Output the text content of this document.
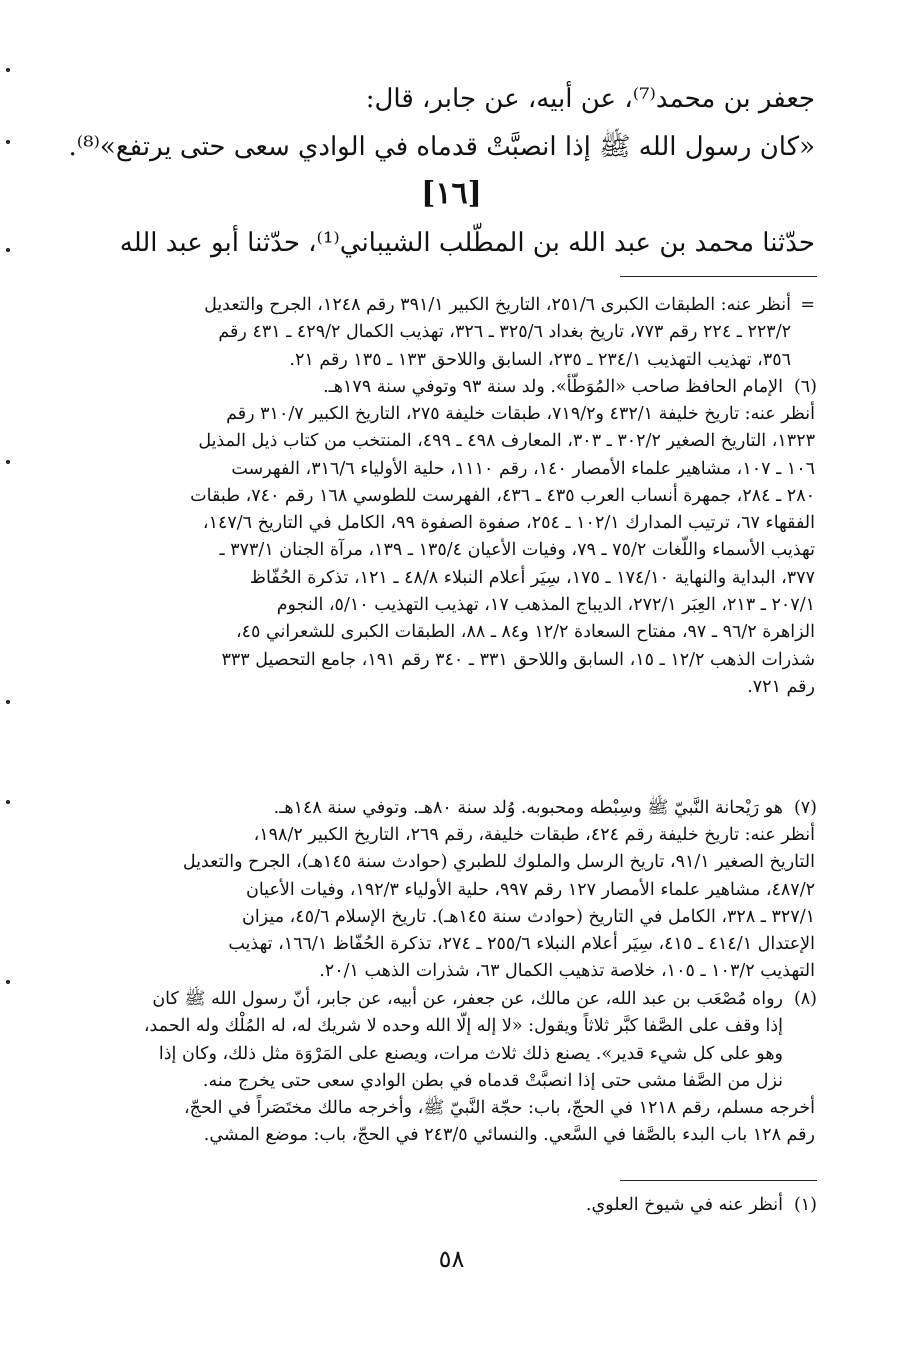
جعفر بن محمد⁽⁷⁾، عن أبيه، عن جابر، قال:
«كان رسول الله ﷺ إذا انصبَّتْ قدماه في الوادي سعى حتى يرتفع»⁽⁸⁾.
[١٦]
حدّثنا محمد بن عبد الله بن المطّلب الشيباني⁽¹⁾، حدّثنا أبو عبد الله
=
أنظر عنه: الطبقات الكبرى ٢٥١/٦، التاريخ الكبير ٣٩١/١ رقم ١٢٤٨، الجرح والتعديل
٢٢٣/٢ ـ ٢٢٤ رقم ٧٧٣، تاريخ بغداد ٣٢٥/٦ ـ ٣٢٦، تهذيب الكمال ٤٢٩/٢ ـ ٤٣١ رقم
٣٥٦، تهذيب التهذيب ٢٣٤/١ ـ ٢٣٥، السابق واللاحق ١٣٣ ـ ١٣٥ رقم ٢١.
(٦)
الإمام الحافظ صاحب «المُوَطّأ». ولد سنة ٩٣ وتوفي سنة ١٧٩هـ.
أنظر عنه: تاريخ خليفة ٤٣٢/١ و٧١٩/٢، طبقات خليفة ٢٧٥، التاريخ الكبير ٣١٠/٧ رقم
١٣٢٣، التاريخ الصغير ٣٠٢/٢ ـ ٣٠٣، المعارف ٤٩٨ ـ ٤٩٩، المنتخب من كتاب ذيل المذيل
١٠٦ ـ ١٠٧، مشاهير علماء الأمصار ١٤٠، رقم ١١١٠، حلية الأولياء ٣١٦/٦، الفهرست
٢٨٠ ـ ٢٨٤، جمهرة أنساب العرب ٤٣٥ ـ ٤٣٦، الفهرست للطوسي ١٦٨ رقم ٧٤٠، طبقات
الفقهاء ٦٧، ترتيب المدارك ١٠٢/١ ـ ٢٥٤، صفوة الصفوة ٩٩، الكامل في التاريخ ١٤٧/٦،
تهذيب الأسماء واللّغات ٧٥/٢ ـ ٧٩، وفيات الأعيان ١٣٥/٤ ـ ١٣٩، مرآة الجنان ٣٧٣/١ ـ
٣٧٧، البداية والنهاية ١٧٤/١٠ ـ ١٧٥، سِيَر أعلام النبلاء ٤٨/٨ ـ ١٢١، تذكرة الحُفّاظ
٢٠٧/١ ـ ٢١٣، العِبَر ٢٧٢/١، الديباج المذهب ١٧، تهذيب التهذيب ٥/١٠، النجوم
الزاهرة ٩٦/٢ ـ ٩٧، مفتاح السعادة ١٢/٢ و٨٤ ـ ٨٨، الطبقات الكبرى للشعراني ٤٥،
شذرات الذهب ١٢/٢ ـ ١٥، السابق واللاحق ٣٣١ ـ ٣٤٠ رقم ١٩١، جامع التحصيل ٣٣٣
رقم ٧٢١.
(٧)
هو رَيْحانة النَّبيّ ﷺ وسِبْطه ومحبوبه. وُلد سنة ٨٠هـ. وتوفي سنة ١٤٨هـ.
أنظر عنه: تاريخ خليفة رقم ٤٢٤، طبقات خليفة، رقم ٢٦٩، التاريخ الكبير ١٩٨/٢،
التاريخ الصغير ٩١/١، تاريخ الرسل والملوك للطبري (حوادث سنة ١٤٥هـ)، الجرح والتعديل
٤٨٧/٢، مشاهير علماء الأمصار ١٢٧ رقم ٩٩٧، حلية الأولياء ١٩٢/٣، وفيات الأعيان
٣٢٧/١ ـ ٣٢٨، الكامل في التاريخ (حوادث سنة ١٤٥هـ). تاريخ الإسلام ٤٥/٦، ميزان
الإعتدال ٤١٤/١ ـ ٤١٥، سِيَر أعلام النبلاء ٢٥٥/٦ ـ ٢٧٤، تذكرة الحُفّاظ ١٦٦/١، تهذيب
التهذيب ١٠٣/٢ ـ ١٠٥، خلاصة تذهيب الكمال ٦٣، شذرات الذهب ٢٠/١.
(٨)
رواه مُصْعَب بن عبد الله، عن مالك، عن جعفر، عن أبيه، عن جابر، أنّ رسول الله ﷺ كان
إذا وقف على الصَّفا كبَّر ثلاثاً ويقول: «لا إله إلّا الله وحده لا شريك له، له المُلْك وله الحمد،
وهو على كل شيء قدير». يصنع ذلك ثلاث مرات، ويصنع على المَرْوَة مثل ذلك، وكان إذا
نزل من الصَّفا مشى حتى إذا انصبَّتْ قدماه في بطن الوادي سعى حتى يخرج منه.
أخرجه مسلم، رقم ١٢١٨ في الحجّ، باب: حجّة النَّبيّ ﷺ، وأخرجه مالك مختَصَراً في الحجّ،
رقم ١٢٨ باب البدء بالصَّفا في السَّعي. والنسائي ٢٤٣/٥ في الحجّ، باب: موضع المشي.
(١)
أنظر عنه في شيوخ العلوي.
٥٨
